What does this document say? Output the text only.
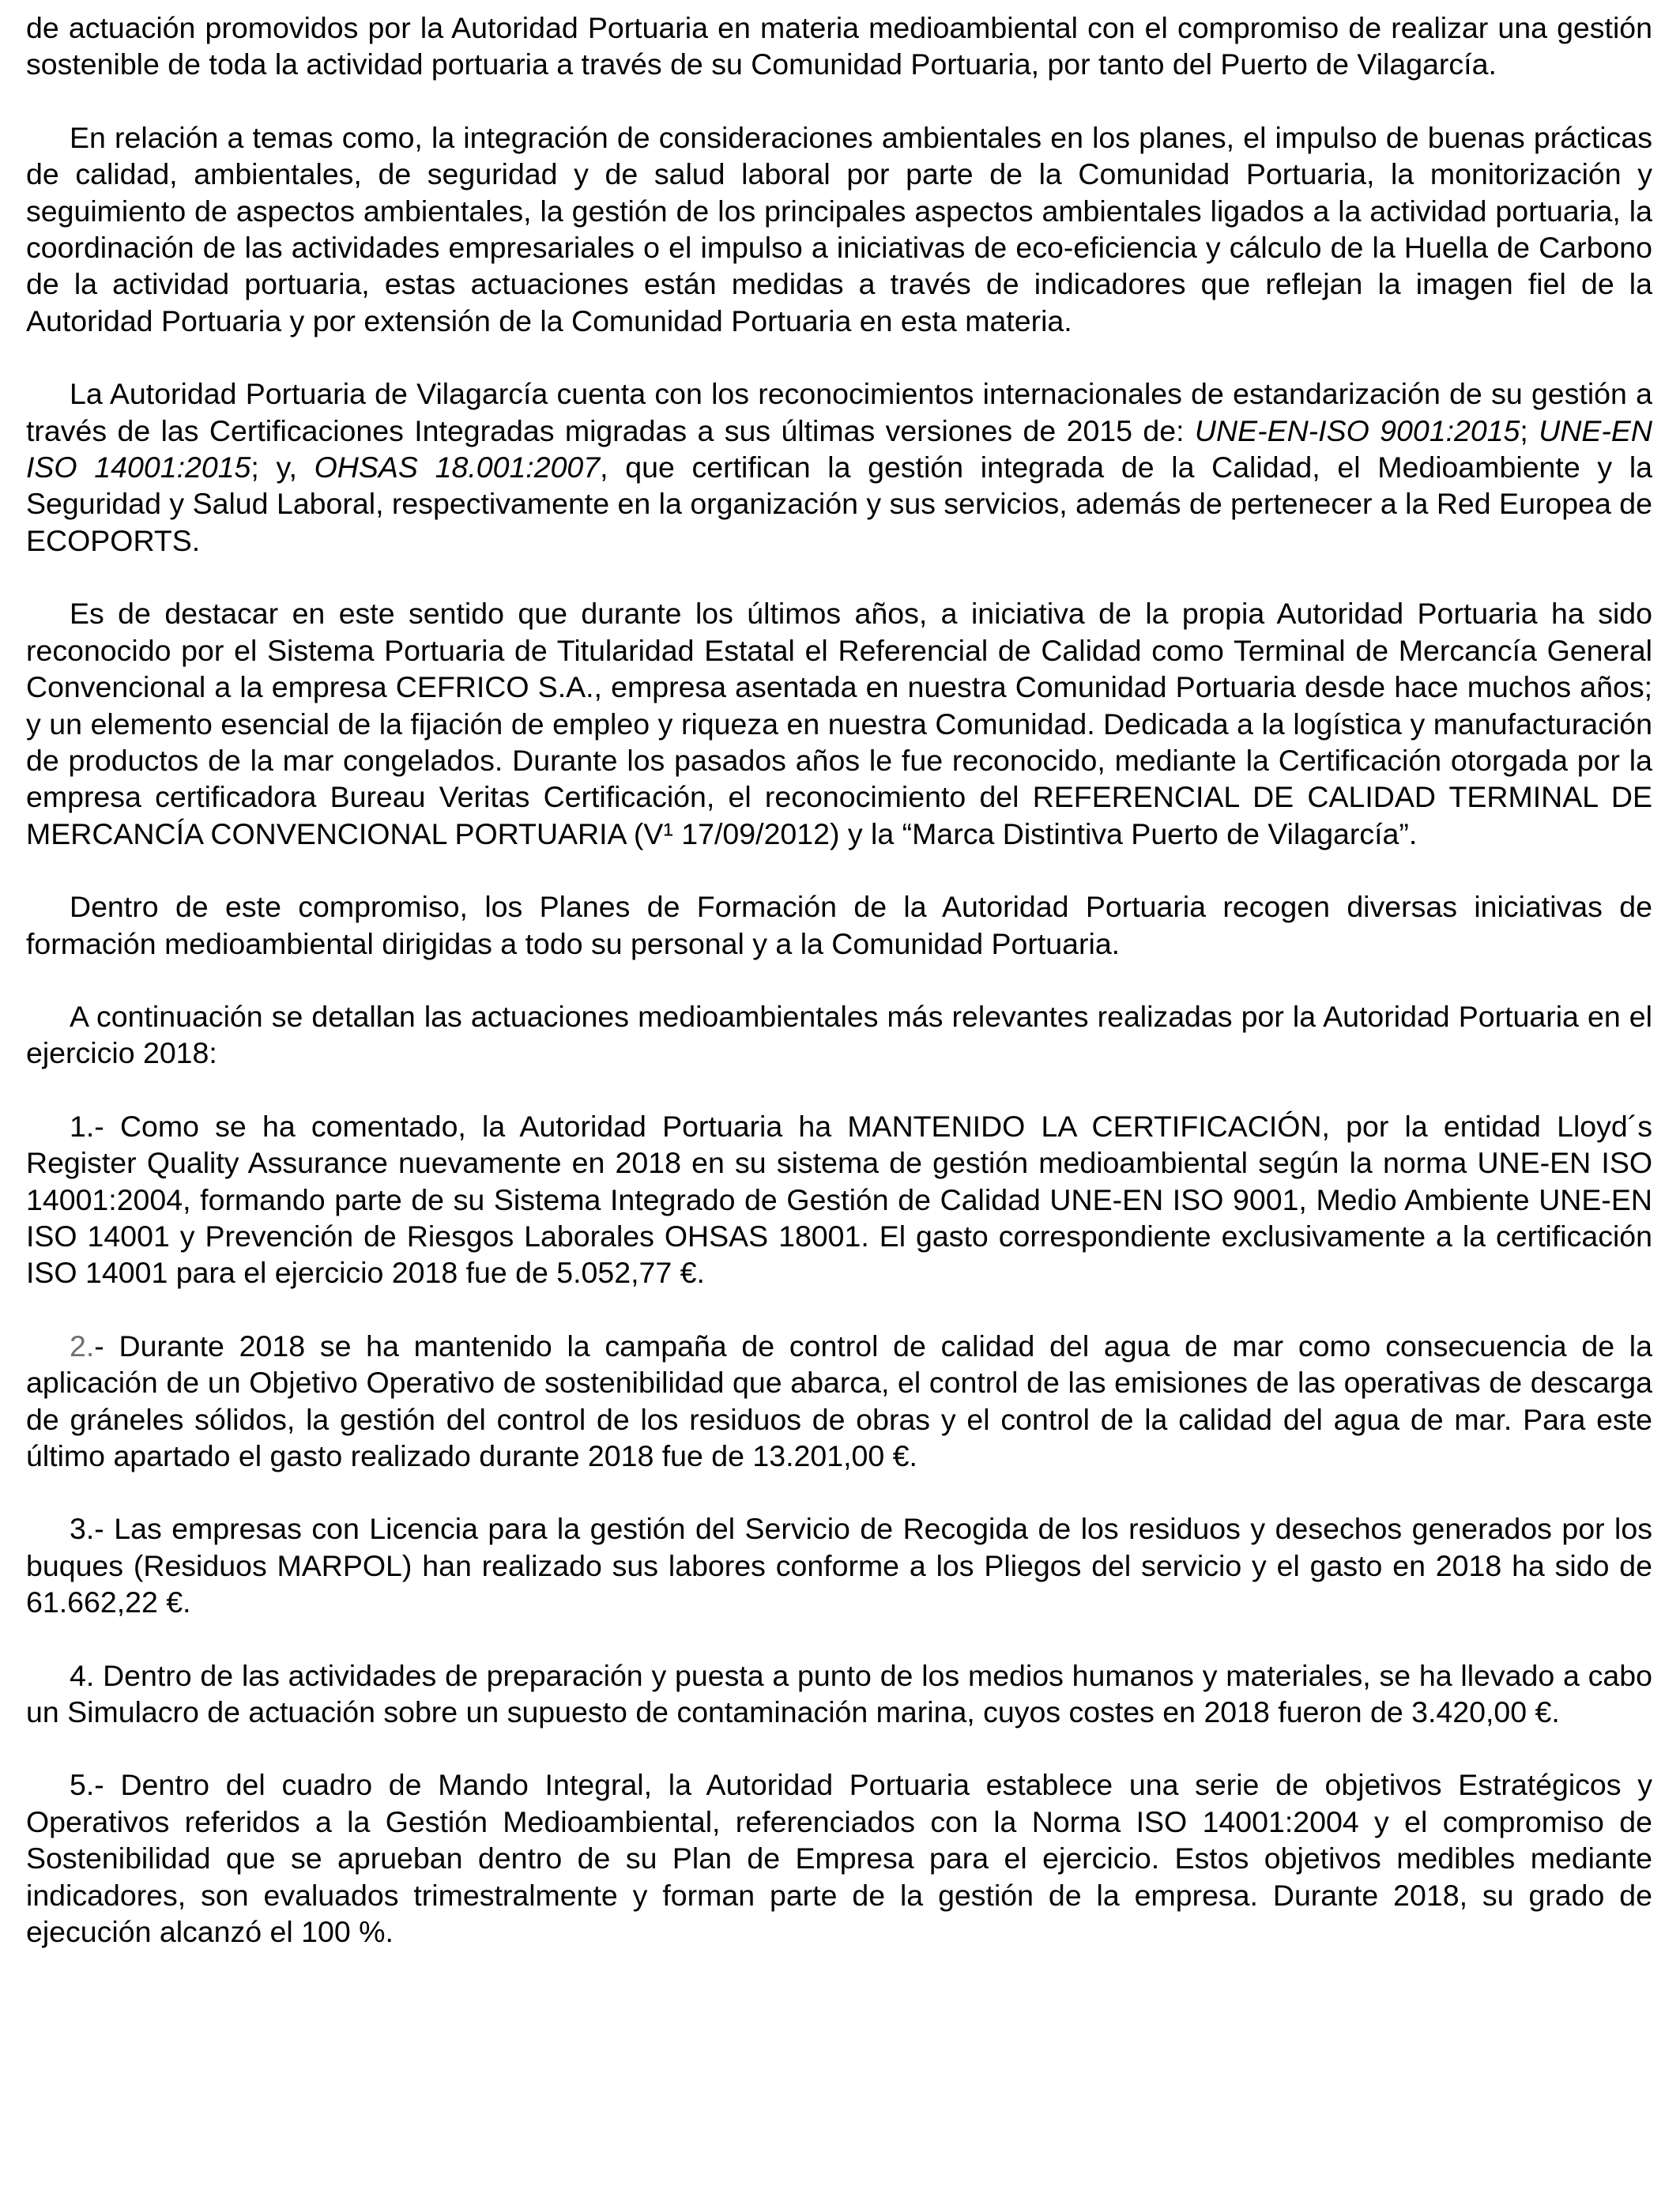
de actuación promovidos por la Autoridad Portuaria en materia medioambiental con el compromiso de realizar una gestión sostenible de toda la actividad portuaria a través de su Comunidad Portuaria, por tanto del Puerto de Vilagarcía.

En relación a temas como, la integración de consideraciones ambientales en los planes, el impulso de buenas prácticas de calidad, ambientales, de seguridad y de salud laboral por parte de la Comunidad Portuaria, la monitorización y seguimiento de aspectos ambientales, la gestión de los principales aspectos ambientales ligados a la actividad portuaria, la coordinación de las actividades empresariales o el impulso a iniciativas de eco-eficiencia y cálculo de la Huella de Carbono de la actividad portuaria, estas actuaciones están medidas a través de indicadores que reflejan la imagen fiel de la Autoridad Portuaria y por extensión de la Comunidad Portuaria en esta materia.

La Autoridad Portuaria de Vilagarcía cuenta con los reconocimientos internacionales de estandarización de su gestión a través de las Certificaciones Integradas migradas a sus últimas versiones de 2015 de: UNE-EN-ISO 9001:2015; UNE-EN ISO 14001:2015; y, OHSAS 18.001:2007, que certifican la gestión integrada de la Calidad, el Medioambiente y la Seguridad y Salud Laboral, respectivamente en la organización y sus servicios, además de pertenecer a la Red Europea de ECOPORTS.

Es de destacar en este sentido que durante los últimos años, a iniciativa de la propia Autoridad Portuaria ha sido reconocido por el Sistema Portuaria de Titularidad Estatal el Referencial de Calidad como Terminal de Mercancía General Convencional a la empresa CEFRICO S.A., empresa asentada en nuestra Comunidad Portuaria desde hace muchos años; y un elemento esencial de la fijación de empleo y riqueza en nuestra Comunidad. Dedicada a la logística y manufacturación de productos de la mar congelados. Durante los pasados años le fue reconocido, mediante la Certificación otorgada por la empresa certificadora Bureau Veritas Certificación, el reconocimiento del REFERENCIAL DE CALIDAD TERMINAL DE MERCANCÍA CONVENCIONAL PORTUARIA (V¹ 17/09/2012) y la “Marca Distintiva Puerto de Vilagarcía”.

Dentro de este compromiso, los Planes de Formación de la Autoridad Portuaria recogen diversas iniciativas de formación medioambiental dirigidas a todo su personal y a la Comunidad Portuaria.

A continuación se detallan las actuaciones medioambientales más relevantes realizadas por la Autoridad Portuaria en el ejercicio 2018:

1.- Como se ha comentado, la Autoridad Portuaria ha MANTENIDO LA CERTIFICACIÓN, por la entidad Lloyd´s Register Quality Assurance nuevamente en 2018 en su sistema de gestión medioambiental según la norma UNE-EN ISO 14001:2004, formando parte de su Sistema Integrado de Gestión de Calidad UNE-EN ISO 9001, Medio Ambiente UNE-EN ISO 14001 y Prevención de Riesgos Laborales OHSAS 18001. El gasto correspondiente exclusivamente a la certificación ISO 14001 para el ejercicio 2018 fue de 5.052,77 €.

2.- Durante 2018 se ha mantenido la campaña de control de calidad del agua de mar como consecuencia de la aplicación de un Objetivo Operativo de sostenibilidad que abarca, el control de las emisiones de las operativas de descarga de gráneles sólidos, la gestión del control de los residuos de obras y el control de la calidad del agua de mar. Para este último apartado el gasto realizado durante 2018 fue de 13.201,00 €.

3.- Las empresas con Licencia para la gestión del Servicio de Recogida de los residuos y desechos generados por los buques (Residuos MARPOL) han realizado sus labores conforme a los Pliegos del servicio y el gasto en 2018 ha sido de 61.662,22 €.

4. Dentro de las actividades de preparación y puesta a punto de los medios humanos y materiales, se ha llevado a cabo un Simulacro de actuación sobre un supuesto de contaminación marina, cuyos costes en 2018 fueron de 3.420,00 €.

5.- Dentro del cuadro de Mando Integral, la Autoridad Portuaria establece una serie de objetivos Estratégicos y Operativos referidos a la Gestión Medioambiental, referenciados con la Norma ISO 14001:2004 y el compromiso de Sostenibilidad que se aprueban dentro de su Plan de Empresa para el ejercicio. Estos objetivos medibles mediante indicadores, son evaluados trimestralmente y forman parte de la gestión de la empresa. Durante 2018, su grado de ejecución alcanzó el 100 %.
